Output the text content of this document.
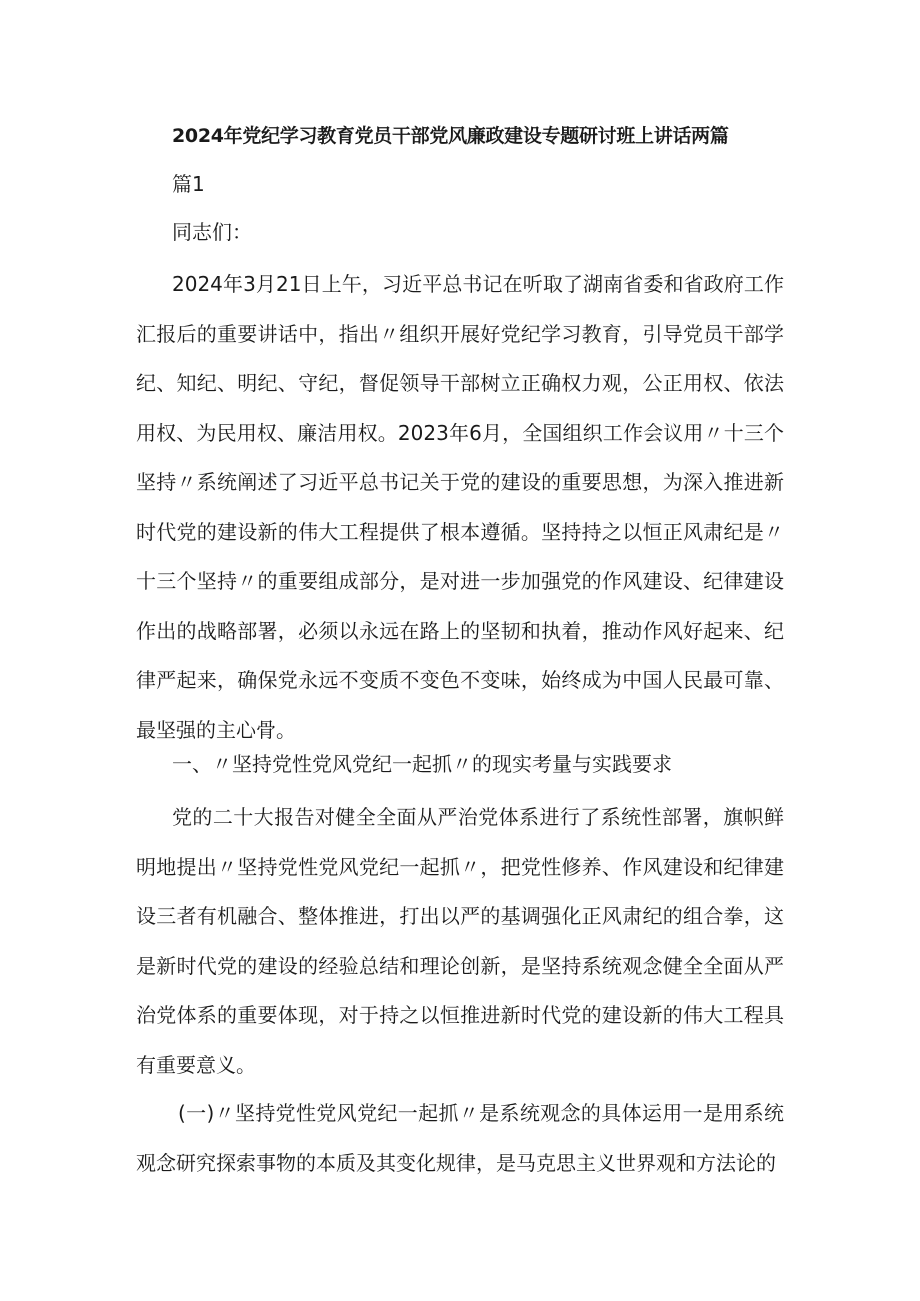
2024年党纪学习教育党员干部党风廉政建设专题研讨班上讲话两篇

篇1

同志们：

2024年3月21日上午，习近平总书记在听取了湖南省委和省政府工作汇报后的重要讲话中，指出〃组织开展好党纪学习教育，引导党员干部学纪、知纪、明纪、守纪，督促领导干部树立正确权力观，公正用权、依法用权、为民用权、廉洁用权。2023年6月，全国组织工作会议用〃十三个坚持〃系统阐述了习近平总书记关于党的建设的重要思想，为深入推进新时代党的建设新的伟大工程提供了根本遵循。坚持持之以恒正风肃纪是〃十三个坚持〃的重要组成部分，是对进一步加强党的作风建设、纪律建设作出的战略部署，必须以永远在路上的坚韧和执着，推动作风好起来、纪律严起来，确保党永远不变质不变色不变味，始终成为中国人民最可靠、最坚强的主心骨。

一、〃坚持党性党风党纪一起抓〃的现实考量与实践要求

党的二十大报告对健全全面从严治党体系进行了系统性部署，旗帜鲜明地提出〃坚持党性党风党纪一起抓〃，把党性修养、作风建设和纪律建设三者有机融合、整体推进，打出以严的基调强化正风肃纪的组合拳，这是新时代党的建设的经验总结和理论创新，是坚持系统观念健全全面从严治党体系的重要体现，对于持之以恒推进新时代党的建设新的伟大工程具有重要意义。

(一)〃坚持党性党风党纪一起抓〃是系统观念的具体运用一是用系统观念研究探索事物的本质及其变化规律，是马克思主义世界观和方法论的
